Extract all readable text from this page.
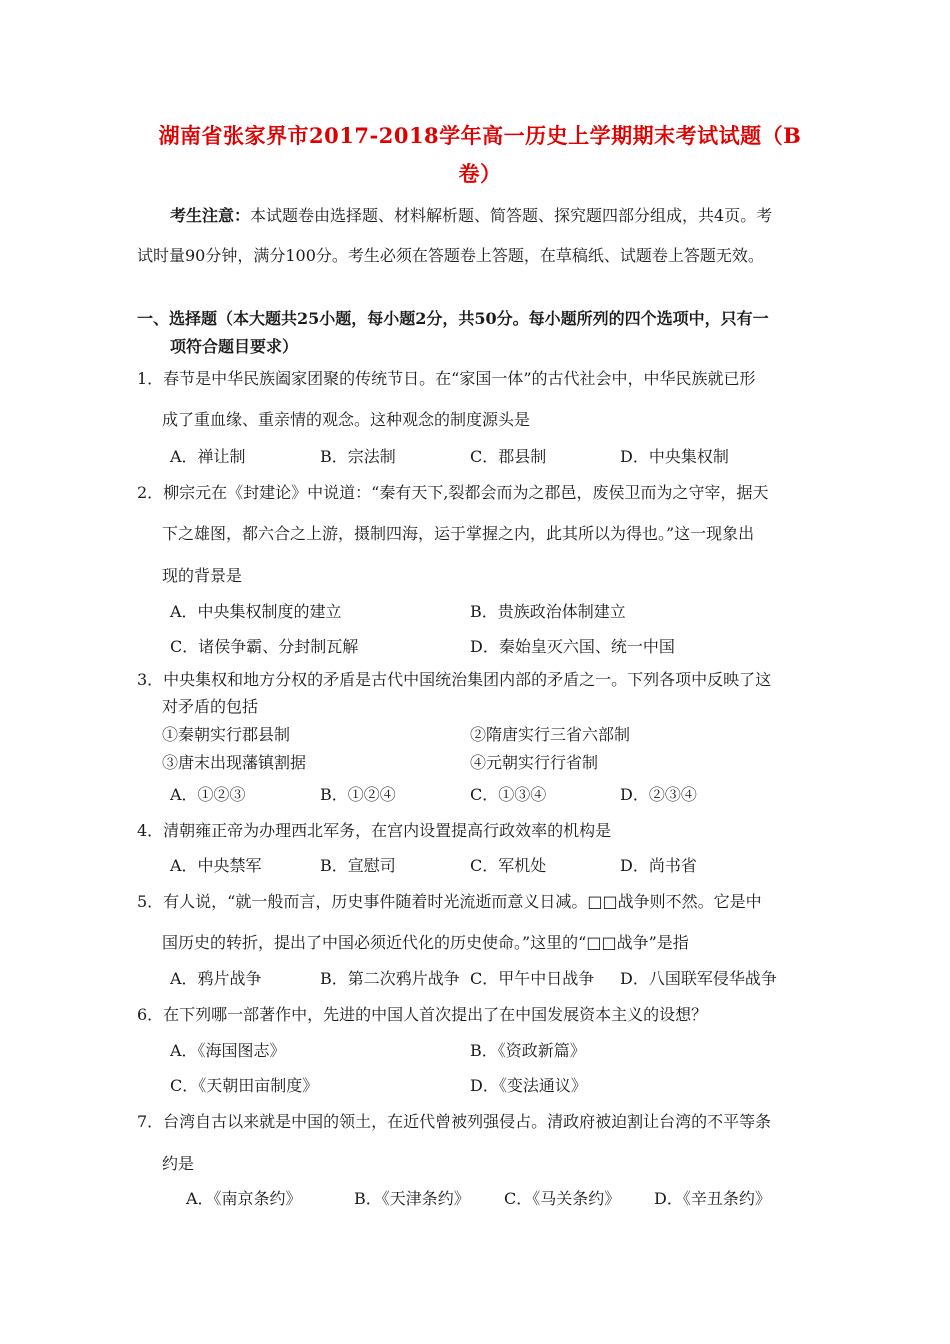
湖南省张家界市2017-2018学年高一历史上学期期末考试试题（B
卷）
考生注意：本试题卷由选择题、材料解析题、简答题、探究题四部分组成，共4页。考
试时量90分钟，满分100分。考生必须在答题卷上答题，在草稿纸、试题卷上答题无效。
一、选择题（本大题共25小题，每小题2分，共50分。每小题所列的四个选项中，只有一
项符合题目要求）
1．春节是中华民族阖家团聚的传统节日。在“家国一体”的古代社会中，中华民族就已形
成了重血缘、重亲情的观念。这种观念的制度源头是
A．禅让制	B．宗法制	C．郡县制	D．中央集权制
2．柳宗元在《封建论》中说道：“秦有天下,裂都会而为之郡邑，废侯卫而为之守宰，据天
下之雄图，都六合之上游，摄制四海，运于掌握之内，此其所以为得也。”这一现象出
现的背景是
A．中央集权制度的建立	B．贵族政治体制建立
C．诸侯争霸、分封制瓦解	D．秦始皇灭六国、统一中国
3．中央集权和地方分权的矛盾是古代中国统治集团内部的矛盾之一。下列各项中反映了这
对矛盾的包括
①秦朝实行郡县制	②隋唐实行三省六部制
③唐末出现藩镇割据	④元朝实行行省制
A．①②③	B．①②④	C．①③④	D．②③④
4．清朝雍正帝为办理西北军务，在宫内设置提高行政效率的机构是
A．中央禁军	B．宣慰司	C．军机处	D．尚书省
5．有人说，“就一般而言，历史事件随着时光流逝而意义日减。□□战争则不然。它是中
国历史的转折，提出了中国必须近代化的历史使命。”这里的“□□战争”是指
A．鸦片战争	B．第二次鸦片战争 C．甲午中日战争 D．八国联军侵华战争
6．在下列哪一部著作中，先进的中国人首次提出了在中国发展资本主义的设想？
A．《海国图志》	B．《资政新篇》
C．《天朝田亩制度》	D．《变法通议》
7．台湾自古以来就是中国的领土，在近代曾被列强侵占。清政府被迫割让台湾的不平等条
约是
A．《南京条约》	B．《天津条约》 C．《马关条约》 D．《辛丑条约》
